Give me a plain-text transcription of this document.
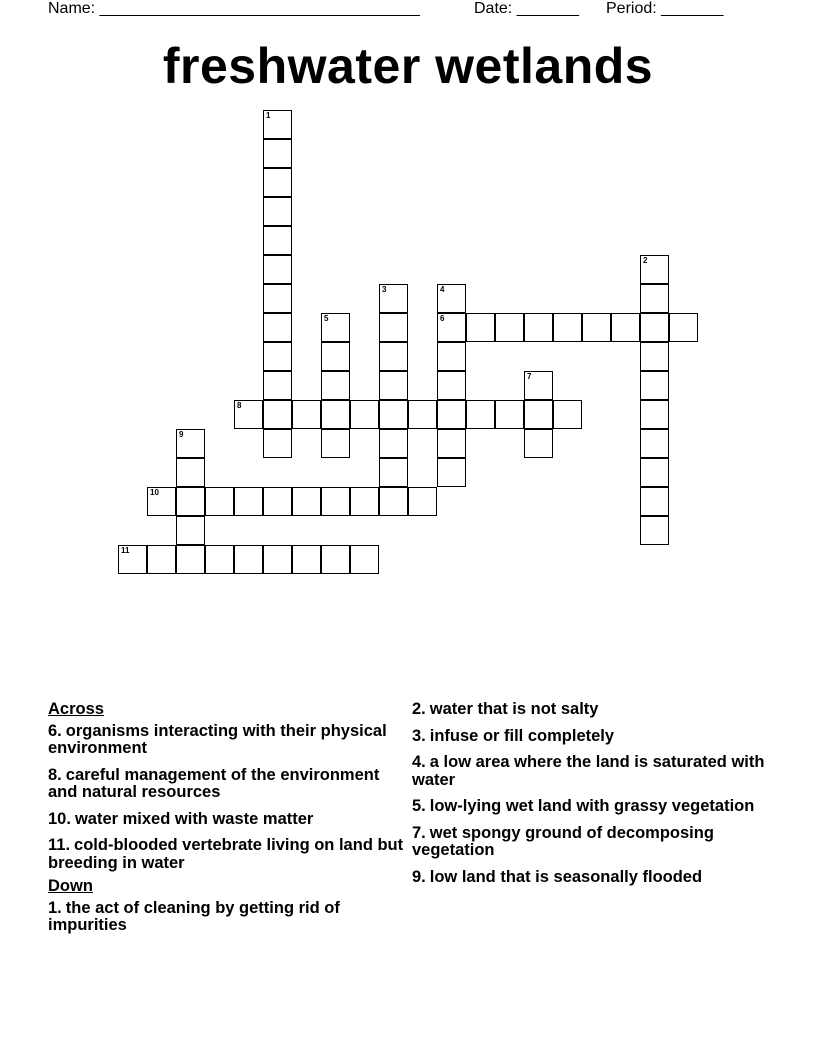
Name: ____________________________________	Date: _______ Period: _______
freshwater wetlands
1
2
3	4
6
5
7
8
9
10
11
Across
6. organisms interacting with their physical environment
8. careful management of the environment and natural resources
10. water mixed with waste matter
11. cold-blooded vertebrate living on land but breeding in water
Down
1. the act of cleaning by getting rid of impurities
2. water that is not salty
3. infuse or fill completely
4. a low area where the land is saturated with water
5. low-lying wet land with grassy vegetation
7. wet spongy ground of decomposing vegetation
9. low land that is seasonally flooded
